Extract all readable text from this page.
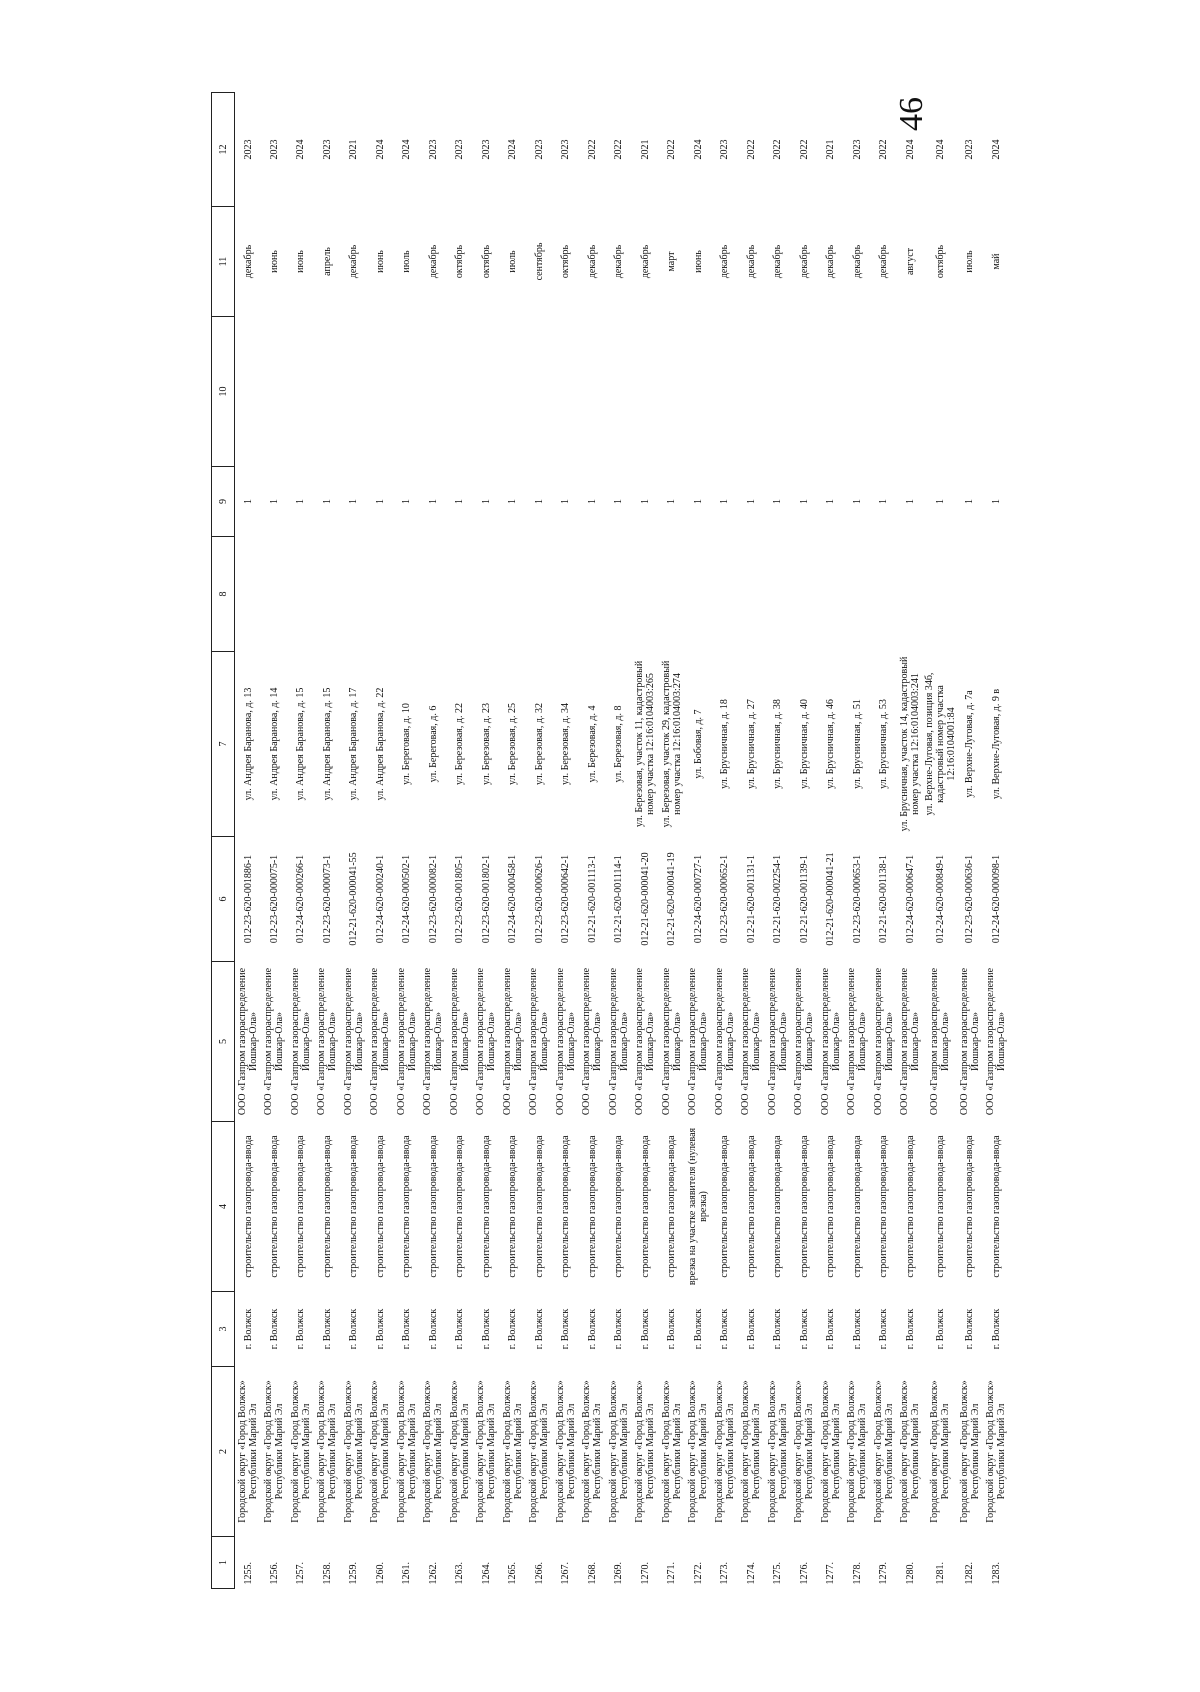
46
1	2	3	4	5	6	7	8	9	10	11	12
1255.	Городской округ «Город Волжск» Республики Марий Эл	г. Волжск	строительство газопровода-ввода	ООО «Газпром газораспределение Йошкар-Ола»	012-23-620-001886-1	ул. Андрея Баранова, д. 13		1		декабрь	2023
1256.	Городской округ «Город Волжск» Республики Марий Эл	г. Волжск	строительство газопровода-ввода	ООО «Газпром газораспределение Йошкар-Ола»	012-23-620-000075-1	ул. Андрея Баранова, д. 14		1		июнь	2023
1257.	Городской округ «Город Волжск» Республики Марий Эл	г. Волжск	строительство газопровода-ввода	ООО «Газпром газораспределение Йошкар-Ола»	012-24-620-000266-1	ул. Андрея Баранова, д. 15		1		июнь	2024
1258.	Городской округ «Город Волжск» Республики Марий Эл	г. Волжск	строительство газопровода-ввода	ООО «Газпром газораспределение Йошкар-Ола»	012-23-620-000073-1	ул. Андрея Баранова, д. 15		1		апрель	2023
1259.	Городской округ «Город Волжск» Республики Марий Эл	г. Волжск	строительство газопровода-ввода	ООО «Газпром газораспределение Йошкар-Ола»	012-21-620-000041-55	ул. Андрея Баранова, д. 17		1		декабрь	2021
1260.	Городской округ «Город Волжск» Республики Марий Эл	г. Волжск	строительство газопровода-ввода	ООО «Газпром газораспределение Йошкар-Ола»	012-24-620-000240-1	ул. Андрея Баранова, д. 22		1		июнь	2024
1261.	Городской округ «Город Волжск» Республики Марий Эл	г. Волжск	строительство газопровода-ввода	ООО «Газпром газораспределение Йошкар-Ола»	012-24-620-000502-1	ул. Береговая, д. 10		1		июль	2024
1262.	Городской округ «Город Волжск» Республики Марий Эл	г. Волжск	строительство газопровода-ввода	ООО «Газпром газораспределение Йошкар-Ола»	012-23-620-000082-1	ул. Береговая, д. 6		1		декабрь	2023
1263.	Городской округ «Город Волжск» Республики Марий Эл	г. Волжск	строительство газопровода-ввода	ООО «Газпром газораспределение Йошкар-Ола»	012-23-620-001805-1	ул. Березовая, д. 22		1		октябрь	2023
1264.	Городской округ «Город Волжск» Республики Марий Эл	г. Волжск	строительство газопровода-ввода	ООО «Газпром газораспределение Йошкар-Ола»	012-23-620-001802-1	ул. Березовая, д. 23		1		октябрь	2023
1265.	Городской округ «Город Волжск» Республики Марий Эл	г. Волжск	строительство газопровода-ввода	ООО «Газпром газораспределение Йошкар-Ола»	012-24-620-000458-1	ул. Березовая, д. 25		1		июль	2024
1266.	Городской округ «Город Волжск» Республики Марий Эл	г. Волжск	строительство газопровода-ввода	ООО «Газпром газораспределение Йошкар-Ола»	012-23-620-000626-1	ул. Березовая, д. 32		1		сентябрь	2023
1267.	Городской округ «Город Волжск» Республики Марий Эл	г. Волжск	строительство газопровода-ввода	ООО «Газпром газораспределение Йошкар-Ола»	012-23-620-000642-1	ул. Березовая, д. 34		1		октябрь	2023
1268.	Городской округ «Город Волжск» Республики Марий Эл	г. Волжск	строительство газопровода-ввода	ООО «Газпром газораспределение Йошкар-Ола»	012-21-620-001113-1	ул. Березовая, д. 4		1		декабрь	2022
1269.	Городской округ «Город Волжск» Республики Марий Эл	г. Волжск	строительство газопровода-ввода	ООО «Газпром газораспределение Йошкар-Ола»	012-21-620-001114-1	ул. Березовая, д. 8		1		декабрь	2022
1270.	Городской округ «Город Волжск» Республики Марий Эл	г. Волжск	строительство газопровода-ввода	ООО «Газпром газораспределение Йошкар-Ола»	012-21-620-000041-20	ул. Березовая, участок 11, кадастровый номер участка 12:16:0104003:265		1		декабрь	2021
1271.	Городской округ «Город Волжск» Республики Марий Эл	г. Волжск	строительство газопровода-ввода	ООО «Газпром газораспределение Йошкар-Ола»	012-21-620-000041-19	ул. Березовая, участок 29, кадастровый номер участка 12:16:0104003:274		1		март	2022
1272.	Городской округ «Город Волжск» Республики Марий Эл	г. Волжск	врезка на участке заявителя (нулевая врезка)	ООО «Газпром газораспределение Йошкар-Ола»	012-24-620-000727-1	ул. Бобовая, д. 7		1		июнь	2024
1273.	Городской округ «Город Волжск» Республики Марий Эл	г. Волжск	строительство газопровода-ввода	ООО «Газпром газораспределение Йошкар-Ола»	012-23-620-000652-1	ул. Брусничная, д. 18		1		декабрь	2023
1274.	Городской округ «Город Волжск» Республики Марий Эл	г. Волжск	строительство газопровода-ввода	ООО «Газпром газораспределение Йошкар-Ола»	012-21-620-001131-1	ул. Брусничная, д. 27		1		декабрь	2022
1275.	Городской округ «Город Волжск» Республики Марий Эл	г. Волжск	строительство газопровода-ввода	ООО «Газпром газораспределение Йошкар-Ола»	012-21-620-002254-1	ул. Брусничная, д. 38		1		декабрь	2022
1276.	Городской округ «Город Волжск» Республики Марий Эл	г. Волжск	строительство газопровода-ввода	ООО «Газпром газораспределение Йошкар-Ола»	012-21-620-001139-1	ул. Брусничная, д. 40		1		декабрь	2022
1277.	Городской округ «Город Волжск» Республики Марий Эл	г. Волжск	строительство газопровода-ввода	ООО «Газпром газораспределение Йошкар-Ола»	012-21-620-000041-21	ул. Брусничная, д. 46		1		декабрь	2021
1278.	Городской округ «Город Волжск» Республики Марий Эл	г. Волжск	строительство газопровода-ввода	ООО «Газпром газораспределение Йошкар-Ола»	012-23-620-000653-1	ул. Брусничная, д. 51		1		декабрь	2023
1279.	Городской округ «Город Волжск» Республики Марий Эл	г. Волжск	строительство газопровода-ввода	ООО «Газпром газораспределение Йошкар-Ола»	012-21-620-001138-1	ул. Брусничная, д. 53		1		декабрь	2022
1280.	Городской округ «Город Волжск» Республики Марий Эл	г. Волжск	строительство газопровода-ввода	ООО «Газпром газораспределение Йошкар-Ола»	012-24-620-000647-1	ул. Брусничная, участок 14, кадастровый номер участка 12:16:0104003:241		1		август	2024
1281.	Городской округ «Город Волжск» Республики Марий Эл	г. Волжск	строительство газопровода-ввода	ООО «Газпром газораспределение Йошкар-Ола»	012-24-620-000849-1	ул. Верхне-Луговая, позиция 34б, кадастровый номер участка 12:16:0104001:84		1		октябрь	2024
1282.	Городской округ «Город Волжск» Республики Марий Эл	г. Волжск	строительство газопровода-ввода	ООО «Газпром газораспределение Йошкар-Ола»	012-23-620-000636-1	ул. Верхне-Луговая, д. 7а		1		июль	2023
1283.	Городской округ «Город Волжск» Республики Марий Эл	г. Волжск	строительство газопровода-ввода	ООО «Газпром газораспределение Йошкар-Ола»	012-24-620-000098-1	ул. Верхне-Луговая, д. 9 в		1		май	2024
